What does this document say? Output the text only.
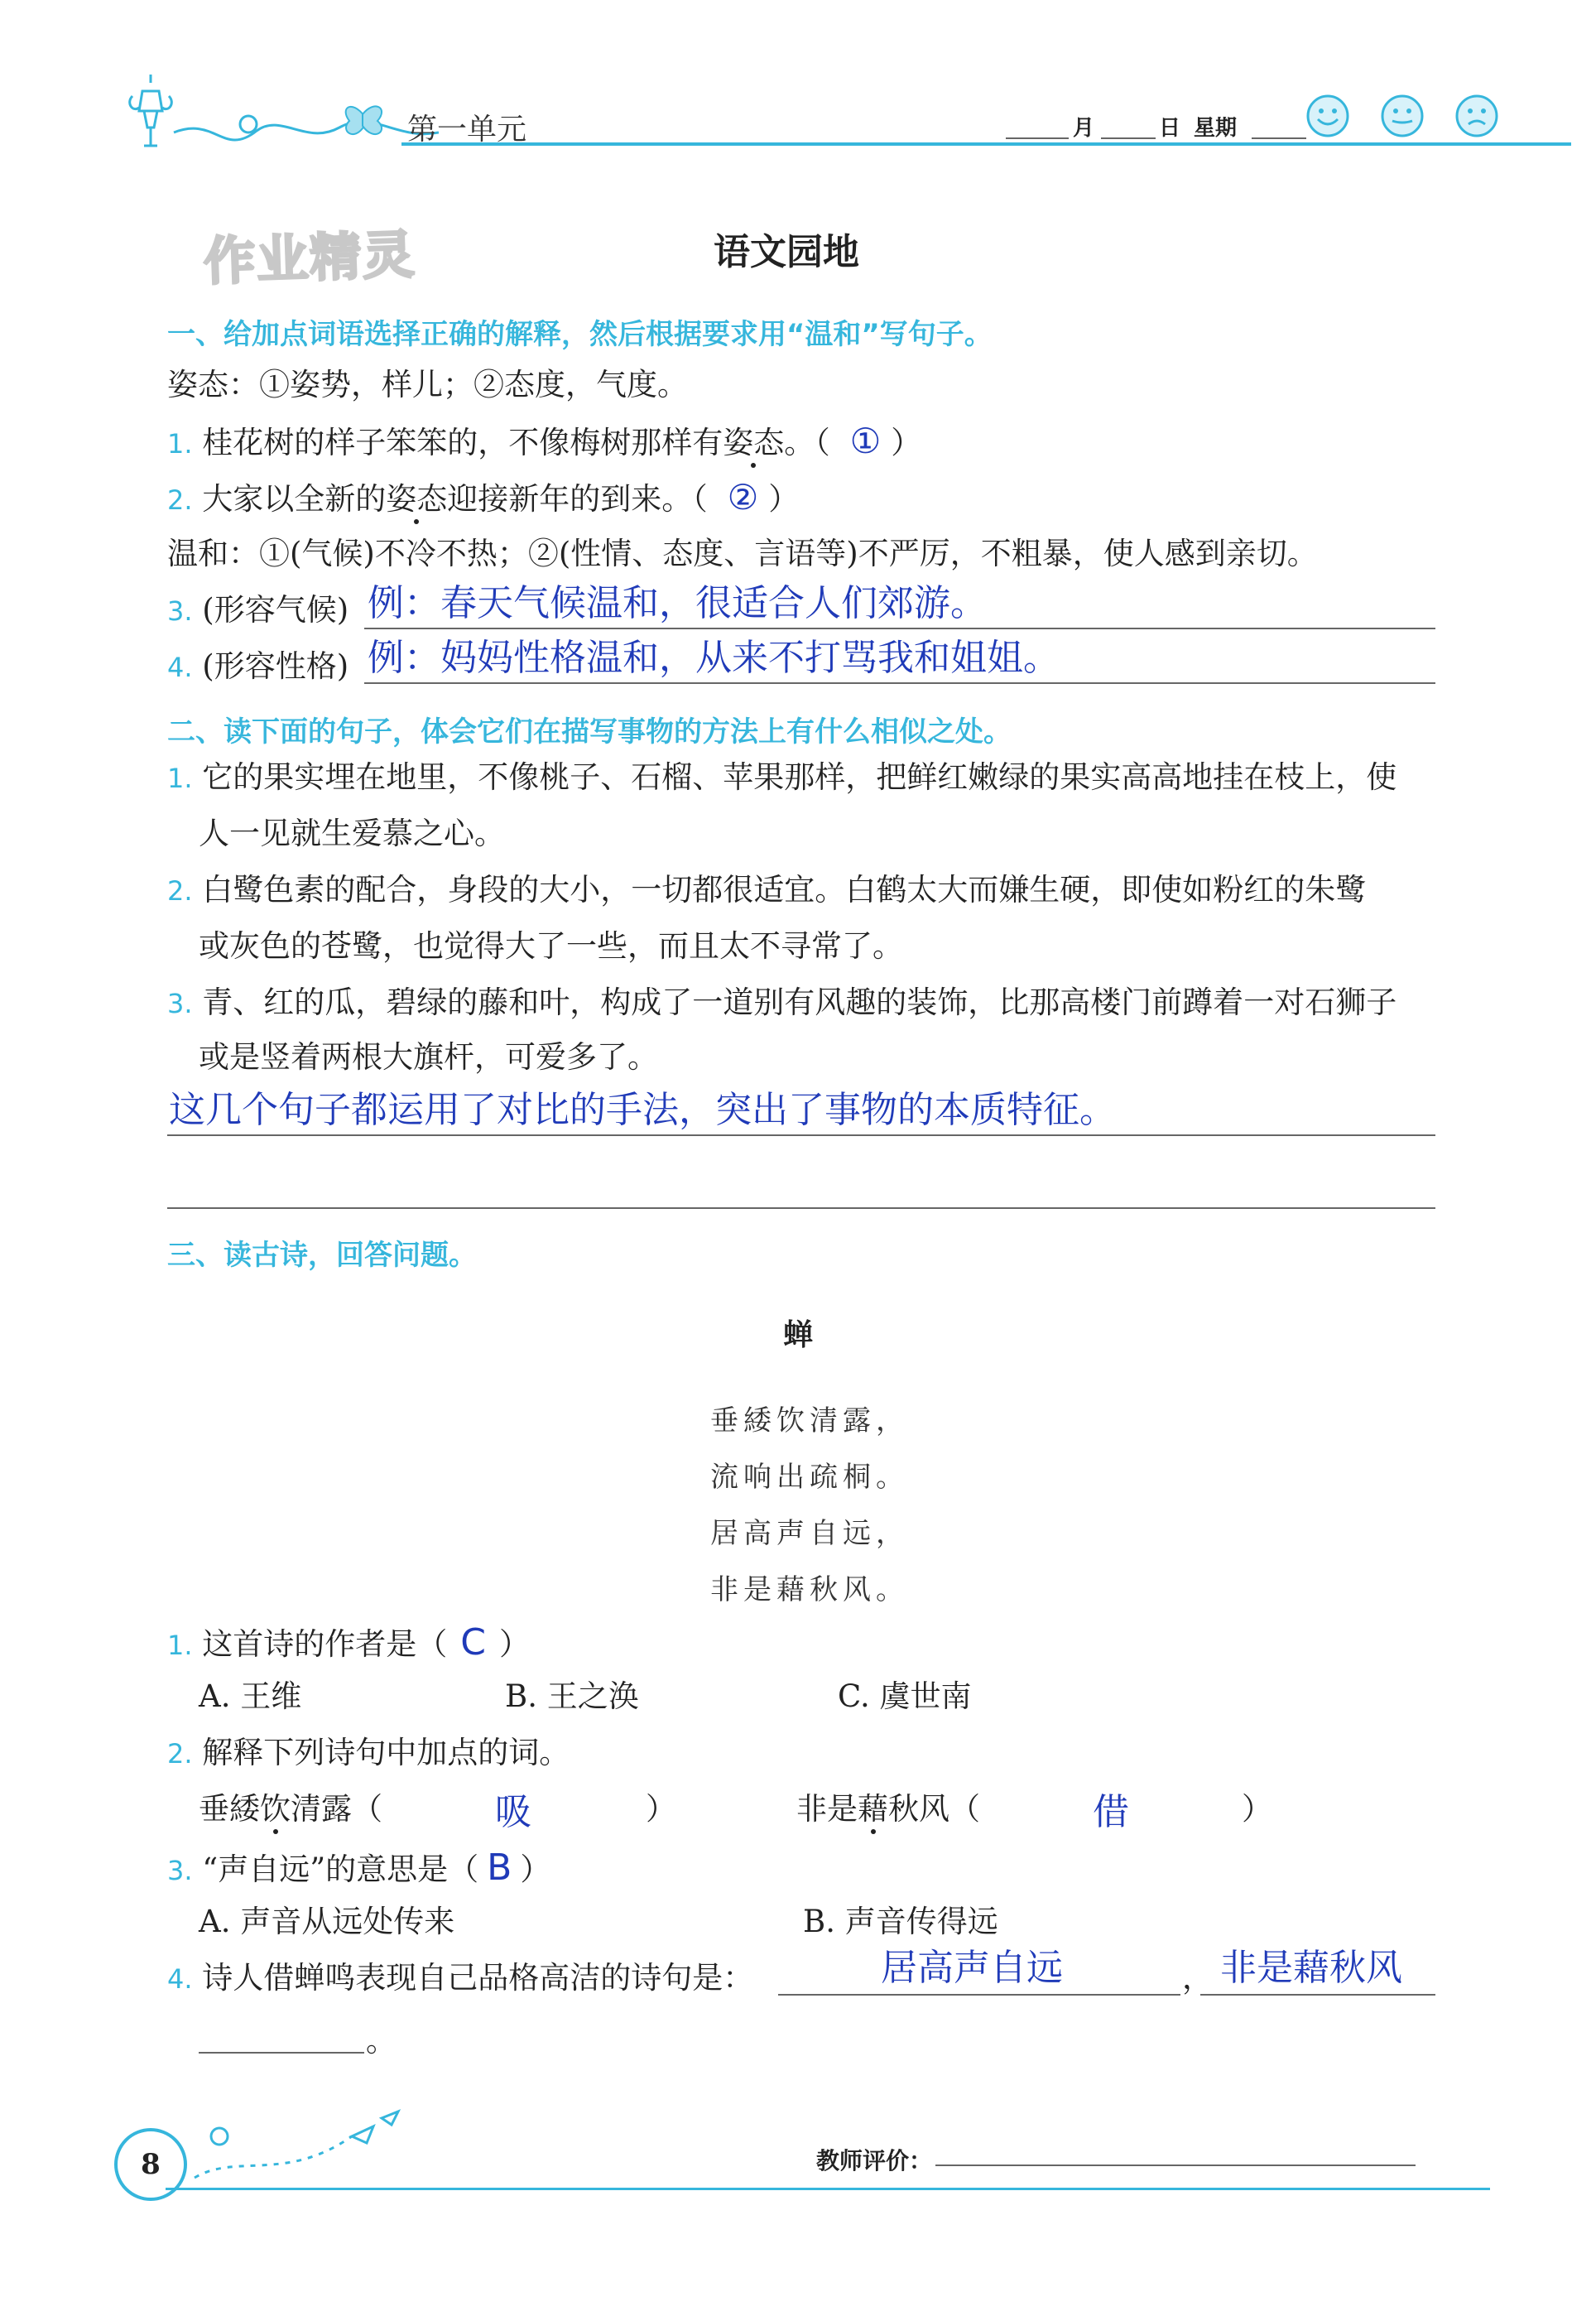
第一单元	月	日 星期
作业精灵	语文园地
一、给加点词语选择正确的解释，然后根据要求用“温和”写句子。
姿态：①姿势，样儿；②态度，气度。
1. 桂花树的样子笨笨的，不像梅树那样有姿态。（ ① ）
2. 大家以全新的姿态迎接新年的到来。（ ② ）
温和：①(气候)不冷不热；②(性情、态度、言语等)不严厉，不粗暴，使人感到亲切。
3. (形容气候) 例：春天气候温和，很适合人们郊游。
4. (形容性格) 例：妈妈性格温和，从来不打骂我和姐姐。
二、读下面的句子，体会它们在描写事物的方法上有什么相似之处。
1. 它的果实埋在地里，不像桃子、石榴、苹果那样，把鲜红嫩绿的果实高高地挂在枝上，使
人一见就生爱慕之心。
2. 白鹭色素的配合，身段的大小，一切都很适宜。白鹤太大而嫌生硬，即使如粉红的朱鹭
或灰色的苍鹭，也觉得大了一些，而且太不寻常了。
3. 青、红的瓜，碧绿的藤和叶，构成了一道别有风趣的装饰，比那高楼门前蹲着一对石狮子
或是竖着两根大旗杆，可爱多了。
这几个句子都运用了对比的手法，突出了事物的本质特征。
三、读古诗，回答问题。
蝉
垂緌饮清露，
流响出疏桐。
居高声自远，
非是藉秋风。
1. 这首诗的作者是（ C ）
A. 王维	B. 王之涣	C. 虞世南
2. 解释下列诗句中加点的词。
垂緌饮清露（	吸	）	非是藉秋风（	借	）
3. “声自远”的意思是（ B ）
A. 声音从远处传来	B. 声音传得远
4. 诗人借蝉鸣表现自己品格高洁的诗句是：	居高声自远	， 非是藉秋风
。
8	教师评价：
